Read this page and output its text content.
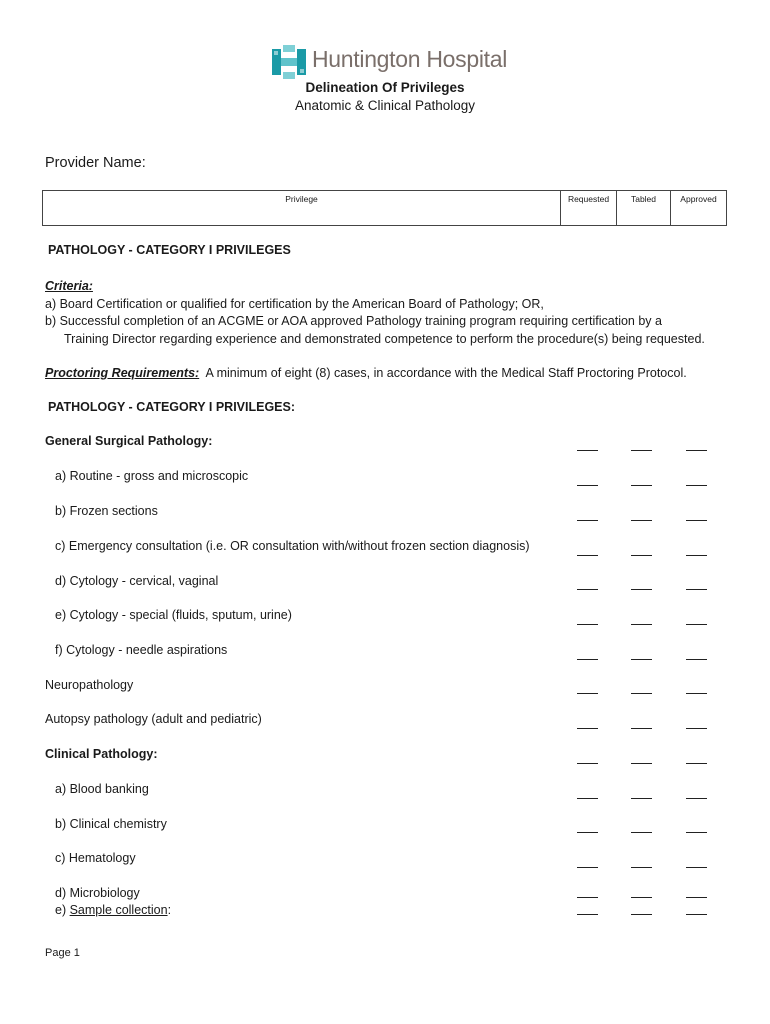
Huntington Hospital
Delineation Of Privileges
Anatomic & Clinical Pathology
Provider Name:
Privilege	Requested	Tabled	Approved
PATHOLOGY - CATEGORY I PRIVILEGES
Criteria:
a) Board Certification or qualified for certification by the American Board of Pathology; OR,
b) Successful completion of an ACGME or AOA approved Pathology training program requiring certification by a
Training Director regarding experience and demonstrated competence to perform the procedure(s) being requested.
Proctoring Requirements: A minimum of eight (8) cases, in accordance with the Medical Staff Proctoring Protocol.
PATHOLOGY - CATEGORY I PRIVILEGES:
General Surgical Pathology:
a) Routine - gross and microscopic
b) Frozen sections
c) Emergency consultation (i.e. OR consultation with/without frozen section diagnosis)
d) Cytology - cervical, vaginal
e) Cytology - special (fluids, sputum, urine)
f) Cytology - needle aspirations
Neuropathology
Autopsy pathology (adult and pediatric)
Clinical Pathology:
a) Blood banking
b) Clinical chemistry
c) Hematology
d) Microbiology
e) Sample collection:
Page 1
